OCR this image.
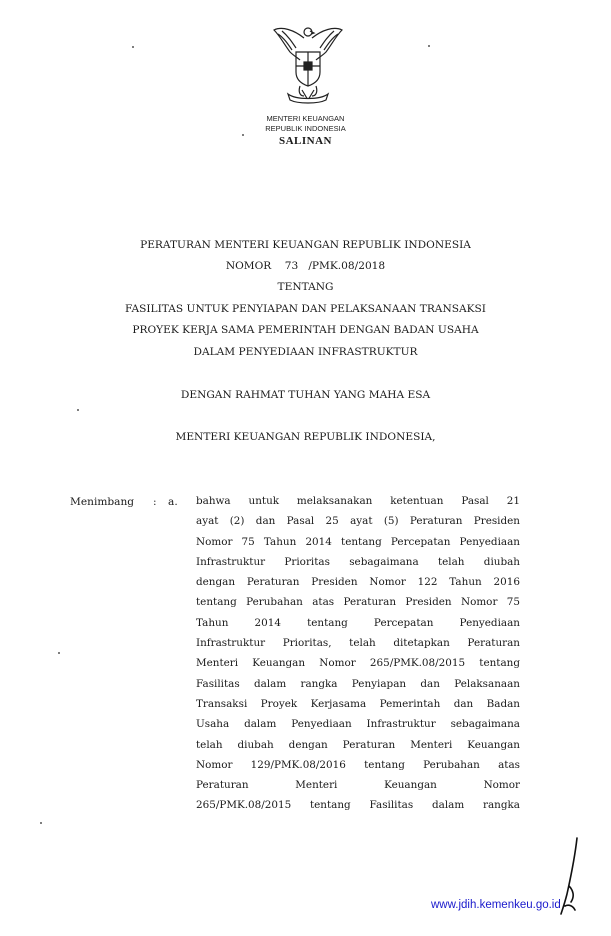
MENTERI KEUANGAN
REPUBLIK INDONESIA
SALINAN
PERATURAN MENTERI KEUANGAN REPUBLIK INDONESIA
NOMOR    73   /PMK.08/2018
TENTANG
FASILITAS UNTUK PENYIAPAN DAN PELAKSANAAN TRANSAKSI
PROYEK KERJA SAMA PEMERINTAH DENGAN BADAN USAHA
DALAM PENYEDIAAN INFRASTRUKTUR
DENGAN RAHMAT TUHAN YANG MAHA ESA
MENTERI KEUANGAN REPUBLIK INDONESIA,
Menimbang : a. bahwa untuk melaksanakan ketentuan Pasal 21
ayat (2) dan Pasal 25 ayat (5) Peraturan Presiden
Nomor 75 Tahun 2014 tentang Percepatan Penyediaan
Infrastruktur Prioritas sebagaimana telah diubah
dengan Peraturan Presiden Nomor 122 Tahun 2016
tentang Perubahan atas Peraturan Presiden Nomor 75
Tahun 2014 tentang Percepatan Penyediaan
Infrastruktur Prioritas, telah ditetapkan Peraturan
Menteri Keuangan Nomor 265/PMK.08/2015 tentang
Fasilitas dalam rangka Penyiapan dan Pelaksanaan
Transaksi Proyek Kerjasama Pemerintah dan Badan
Usaha dalam Penyediaan Infrastruktur sebagaimana
telah diubah dengan Peraturan Menteri Keuangan
Nomor 129/PMK.08/2016 tentang Perubahan atas
Peraturan Menteri Keuangan Nomor
265/PMK.08/2015 tentang Fasilitas dalam rangka
www.jdih.kemenkeu.go.id
